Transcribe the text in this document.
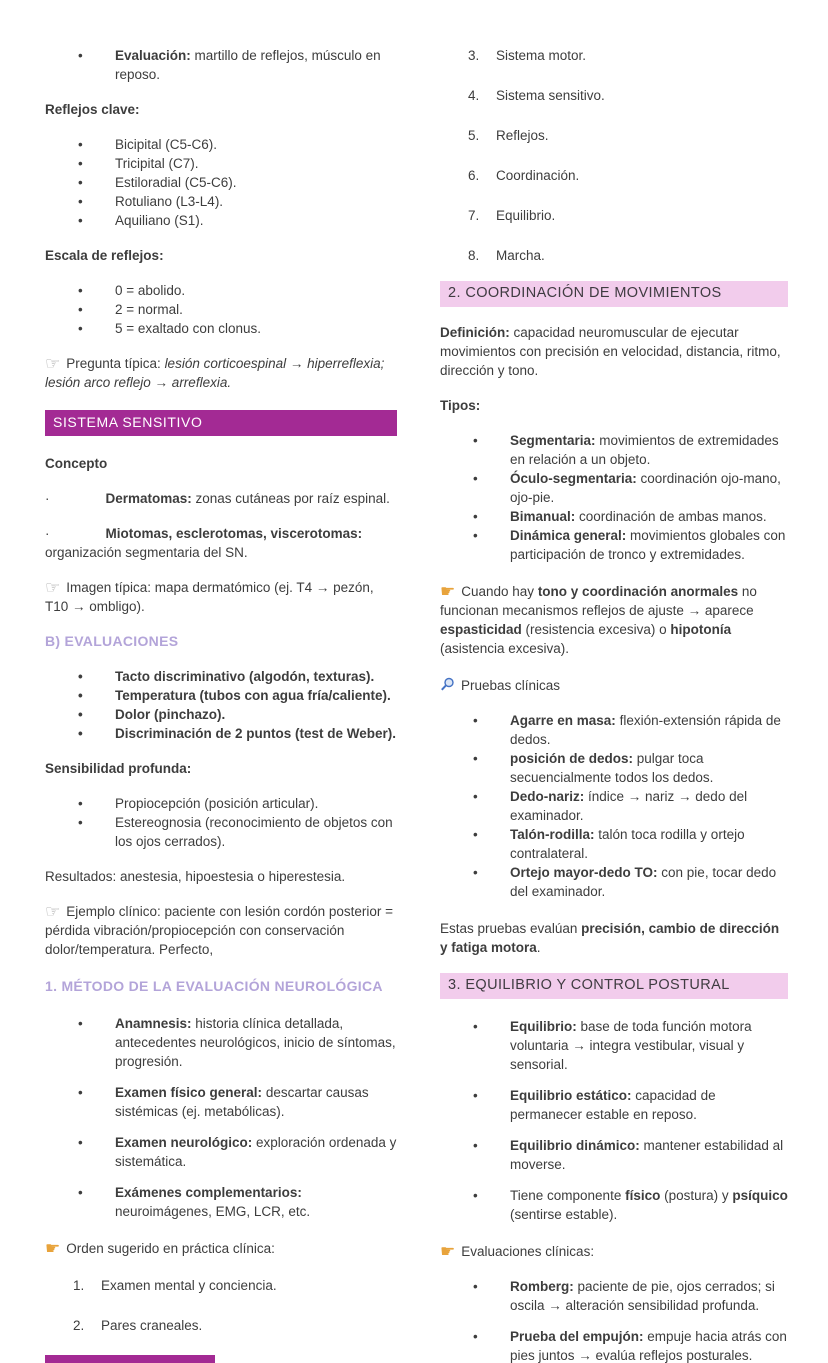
• Evaluación: martillo de reflejos, músculo en reposo.
Reflejos clave:
• Bicipital (C5-C6).
• Tricipital (C7).
• Estiloradial (C5-C6).
• Rotuliano (L3-L4).
• Aquiliano (S1).
Escala de reflejos:
• 0 = abolido.
• 2 = normal.
• 5 = exaltado con clonus.

☞ Pregunta típica: lesión corticoespinal → hiperreflexia; lesión arco reflejo → arreflexia.

SISTEMA SENSITIVO
Concepto

·	Dermatomas: zonas cutáneas por raíz espinal.

·	Miotomas, esclerotomas, viscerotomas: organización segmentaria del SN.

☞ Imagen típica: mapa dermatómico (ej. T4 → pezón, T10 → ombligo).

B) EVALUACIONES
• Tacto discriminativo (algodón, texturas).
• Temperatura (tubos con agua fría/caliente).
• Dolor (pinchazo).
• Discriminación de 2 puntos (test de Weber).
Sensibilidad profunda:
• Propiocepción (posición articular).
• Estereognosia (reconocimiento de objetos con los ojos cerrados).

Resultados: anestesia, hipoestesia o hiperestesia.

☞ Ejemplo clínico: paciente con lesión cordón posterior = pérdida vibración/propiocepción con conservación dolor/temperatura. Perfecto,

1. MÉTODO DE LA EVALUACIÓN NEUROLÓGICA
• Anamnesis: historia clínica detallada, antecedentes neurológicos, inicio de síntomas, progresión.
• Examen físico general: descartar causas sistémicas (ej. metabólicas).
• Examen neurológico: exploración ordenada y sistemática.
• Exámenes complementarios: neuroimágenes, EMG, LCR, etc.

☛ Orden sugerido en práctica clínica:

1. Examen mental y conciencia.
2. Pares craneales.
3. Sistema motor.
4. Sistema sensitivo.
5. Reflejos.
6. Coordinación.
7. Equilibrio.
8. Marcha.
2. COORDINACIÓN DE MOVIMIENTOS

Definición: capacidad neuromuscular de ejecutar movimientos con precisión en velocidad, distancia, ritmo, dirección y tono.

Tipos:
• Segmentaria: movimientos de extremidades en relación a un objeto.
• Óculo-segmentaria: coordinación ojo-mano, ojo-pie.
• Bimanual: coordinación de ambas manos.
• Dinámica general: movimientos globales con participación de tronco y extremidades.

☛ Cuando hay tono y coordinación anormales no funcionan mecanismos reflejos de ajuste → aparece espasticidad (resistencia excesiva) o hipotonía (asistencia excesiva).

Pruebas clínicas

• Agarre en masa: flexión-extensión rápida de dedos.
• posición de dedos: pulgar toca secuencialmente todos los dedos.
• Dedo-nariz: índice → nariz → dedo del examinador.
• Talón-rodilla: talón toca rodilla y ortejo contralateral.
• Ortejo mayor-dedo TO: con pie, tocar dedo del examinador.

Estas pruebas evalúan precisión, cambio de dirección y fatiga motora.

3. EQUILIBRIO Y CONTROL POSTURAL
• Equilibrio: base de toda función motora voluntaria → integra vestibular, visual y sensorial.
• Equilibrio estático: capacidad de permanecer estable en reposo.
• Equilibrio dinámico: mantener estabilidad al moverse.
• Tiene componente físico (postura) y psíquico (sentirse estable).

☛ Evaluaciones clínicas:

• Romberg: paciente de pie, ojos cerrados; si oscila → alteración sensibilidad profunda.
• Prueba del empujón: empuje hacia atrás con pies juntos → evalúa reflejos posturales.
